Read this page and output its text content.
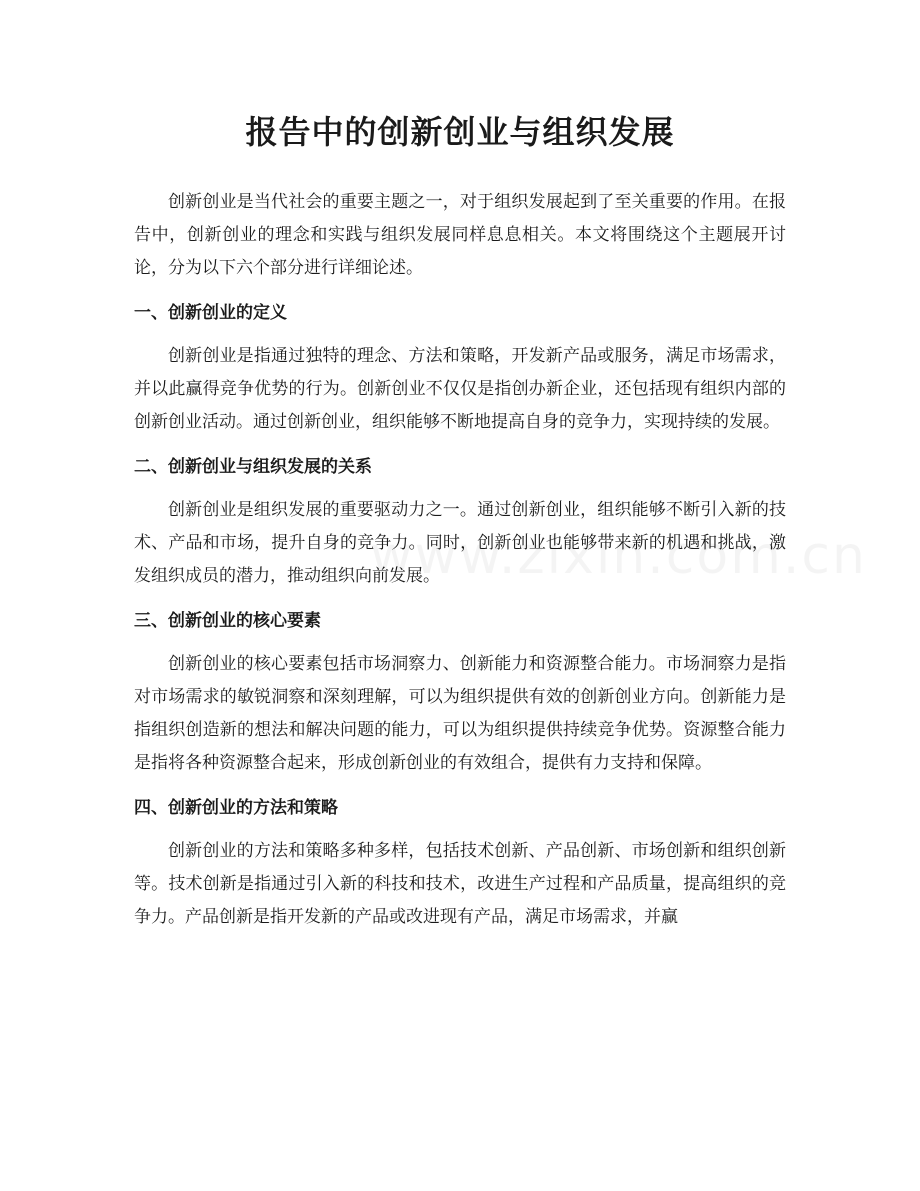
报告中的创新创业与组织发展

创新创业是当代社会的重要主题之一，对于组织发展起到了至关重要的作用。在报告中，创新创业的理念和实践与组织发展同样息息相关。本文将围绕这个主题展开讨论，分为以下六个部分进行详细论述。

一、创新创业的定义

创新创业是指通过独特的理念、方法和策略，开发新产品或服务，满足市场需求，并以此赢得竞争优势的行为。创新创业不仅仅是指创办新企业，还包括现有组织内部的创新创业活动。通过创新创业，组织能够不断地提高自身的竞争力，实现持续的发展。

二、创新创业与组织发展的关系

创新创业是组织发展的重要驱动力之一。通过创新创业，组织能够不断引入新的技术、产品和市场，提升自身的竞争力。同时，创新创业也能够带来新的机遇和挑战，激发组织成员的潜力，推动组织向前发展。

三、创新创业的核心要素

创新创业的核心要素包括市场洞察力、创新能力和资源整合能力。市场洞察力是指对市场需求的敏锐洞察和深刻理解，可以为组织提供有效的创新创业方向。创新能力是指组织创造新的想法和解决问题的能力，可以为组织提供持续竞争优势。资源整合能力是指将各种资源整合起来，形成创新创业的有效组合，提供有力支持和保障。

四、创新创业的方法和策略

创新创业的方法和策略多种多样，包括技术创新、产品创新、市场创新和组织创新等。技术创新是指通过引入新的科技和技术，改进生产过程和产品质量，提高组织的竞争力。产品创新是指开发新的产品或改进现有产品，满足市场需求，并赢
